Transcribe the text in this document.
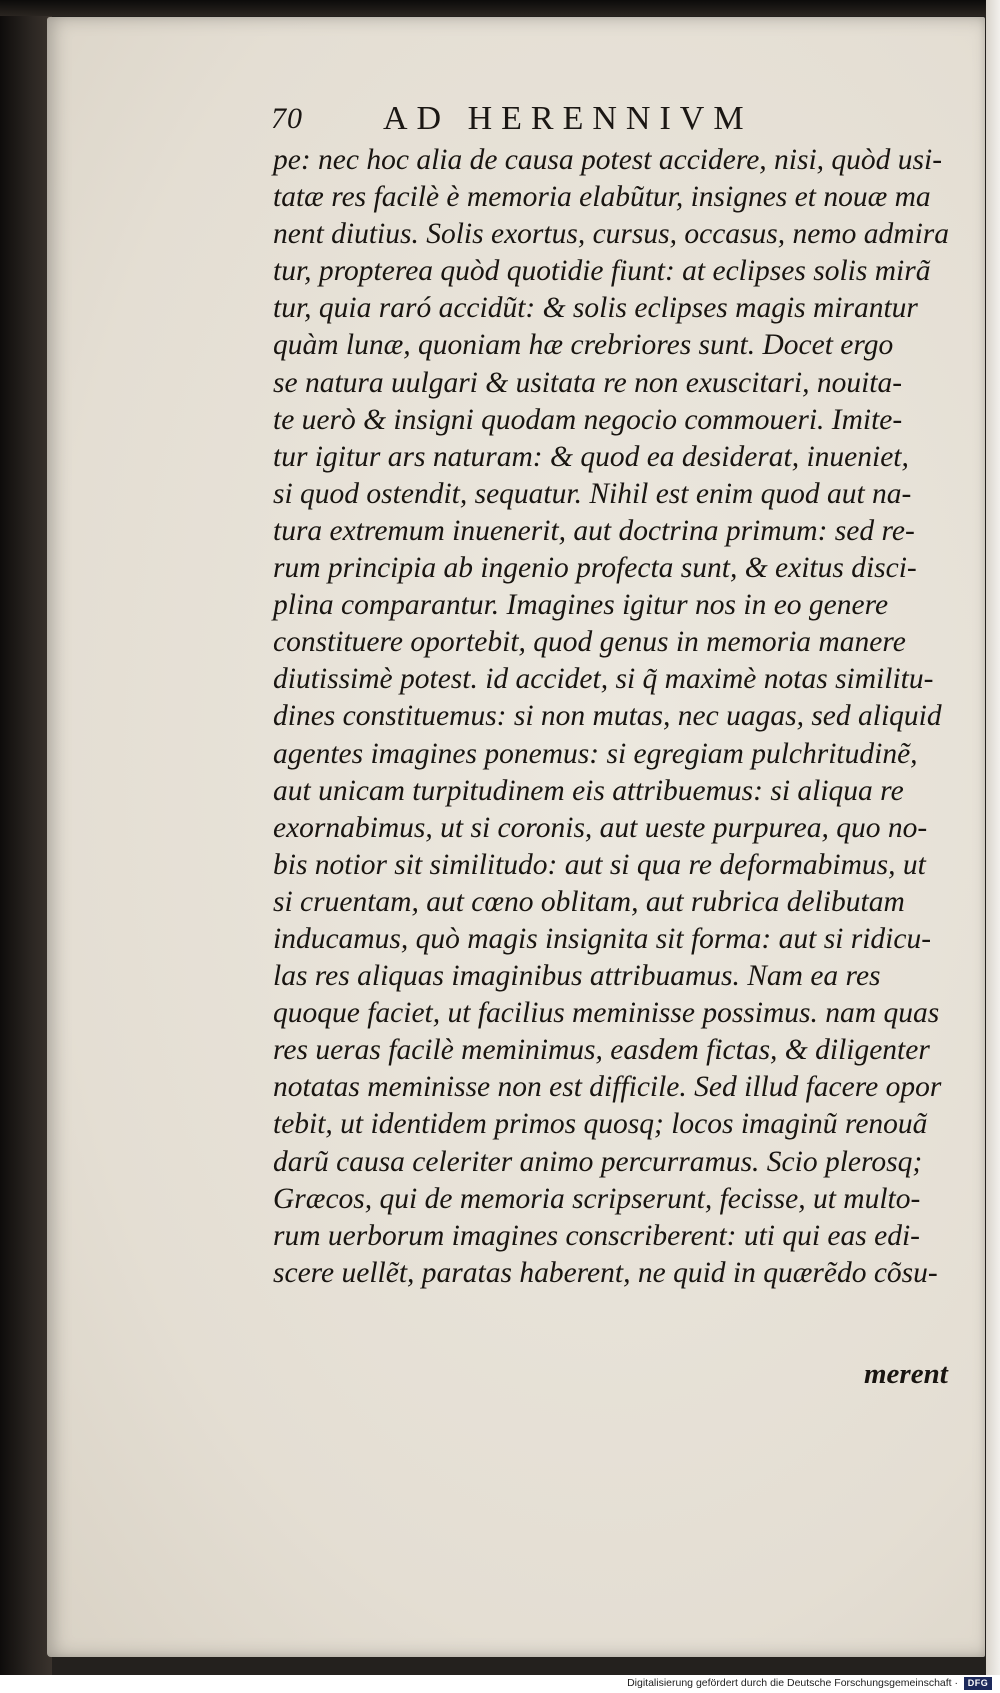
70 AD HERENNIVM
pe: nec hoc alia de causa potest accidere, nisi, quòd usi-
tatæ res facilè è memoria elabũtur, insignes et nouæ ma
nent diutius. Solis exortus, cursus, occasus, nemo admira
tur, propterea quòd quotidie fiunt: at eclipses solis mirã
tur, quia raró accidũt: & solis eclipses magis mirantur
quàm lunæ, quoniam hæ crebriores sunt. Docet ergo
se natura uulgari & usitata re non exuscitari, nouita-
te uerò & insigni quodam negocio commoueri. Imite-
tur igitur ars naturam: & quod ea desiderat, inueniet,
si quod ostendit, sequatur. Nihil est enim quod aut na-
tura extremum inuenerit, aut doctrina primum: sed re-
rum principia ab ingenio profecta sunt, & exitus disci-
plina comparantur. Imagines igitur nos in eo genere
constituere oportebit, quod genus in memoria manere
diutissimè potest. id accidet, si q̃ maximè notas similitu-
dines constituemus: si non mutas, nec uagas, sed aliquid
agentes imagines ponemus: si egregiam pulchritudinẽ,
aut unicam turpitudinem eis attribuemus: si aliqua re
exornabimus, ut si coronis, aut ueste purpurea, quo no-
bis notior sit similitudo: aut si qua re deformabimus, ut
si cruentam, aut cœno oblitam, aut rubrica delibutam
inducamus, quò magis insignita sit forma: aut si ridicu-
las res aliquas imaginibus attribuamus. Nam ea res
quoque faciet, ut facilius meminisse possimus. nam quas
res ueras facilè meminimus, easdem fictas, & diligenter
notatas meminisse non est difficile. Sed illud facere opor
tebit, ut identidem primos quosq; locos imaginũ renouã
darũ causa celeriter animo percurramus. Scio plerosq;
Græcos, qui de memoria scripserunt, fecisse, ut multo-
rum uerborum imagines conscriberent: uti qui eas edi-
scere uellẽt, paratas haberent, ne quid in quærẽdo cõsu-
merent
Digitalisierung gefördert durch die Deutsche Forschungsgemeinschaft ·	DFG
